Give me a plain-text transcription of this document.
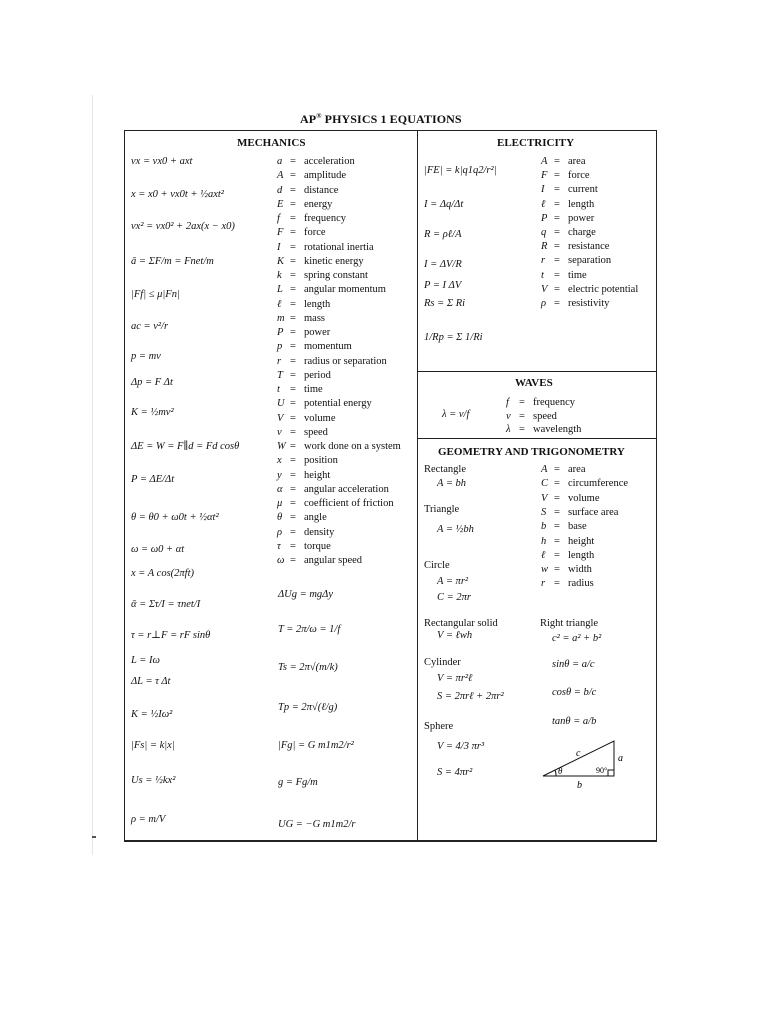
AP® PHYSICS 1 EQUATIONS
MECHANICS	ELECTRICITY
WAVES
GEOMETRY AND TRIGONOMETRY
vx = vx0 + axt
x = x0 + vx0t + ½axt²
vx² = vx0² + 2ax(x − x0)
ā = ΣF/m = Fnet/m
|Ff| ≤ μ|Fn|
ac = v²/r
p = mv
Δp = F Δt
K = ½mv²
ΔE = W = F∥d = Fd cosθ
P = ΔE/Δt
θ = θ0 + ω0t + ½αt²
ω = ω0 + αt
x = A cos(2πft)
ᾱ = Στ/I = τnet/I
τ = r⊥F = rF sinθ
L = Iω
ΔL = τ Δt
K = ½Iω²
|Fs| = k|x|
Us = ½kx²
ρ = m/V
a = acceleration
A = amplitude
d = distance
E = energy
f = frequency
F = force
I = rotational inertia
K = kinetic energy
k = spring constant
L = angular momentum
ℓ = length
m = mass
P = power
p = momentum
r = radius or separation
T = period
t = time
U = potential energy
V = volume
v = speed
W = work done on a system
x = position
y = height
α = angular acceleration
μ = coefficient of friction
θ = angle
ρ = density
τ = torque
ω = angular speed
ΔUg = mgΔy
T = 2π/ω = 1/f
Ts = 2π√(m/k)
Tp = 2π√(ℓ/g)
|Fg| = G m1m2/r²
g = Fg/m
UG = −G m1m2/r
|FE| = k|q1q2/r²|
I = Δq/Δt
R = ρℓ/A
I = ΔV/R
P = I ΔV
Rs = Σ Ri
1/Rp = Σ 1/Ri
A = area
F = force
I = current
ℓ = length
P = power
q = charge
R = resistance
r = separation
t = time
V = electric potential
ρ = resistivity
λ = v/f
f = frequency
v = speed
λ = wavelength
Rectangle
A = bh
Triangle
A = ½bh
Circle
A = πr²
C = 2πr
Rectangular solid
V = ℓwh
Cylinder
V = πr²ℓ
S = 2πrℓ + 2πr²
Sphere
V = 4/3 πr³
S = 4πr²
Right triangle
c² = a² + b²
sinθ = a/c
cosθ = b/c
tanθ = a/b
c	a
b
θ	90°
A = area
C = circumference
V = volume
S = surface area
b = base
h = height
ℓ = length
w = width
r = radius
